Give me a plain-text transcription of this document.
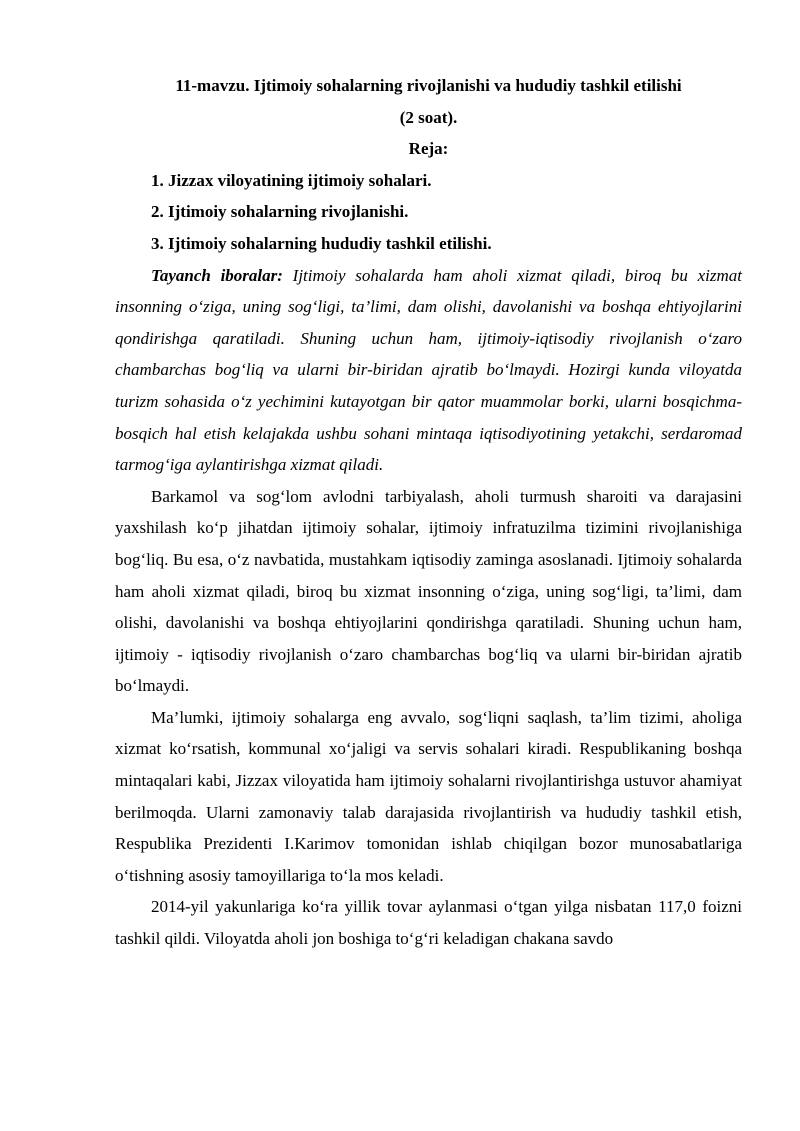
11-mavzu. Ijtimoiy sohalarning rivojlanishi va hududiy tashkil etilishi
(2 soat).
Reja:
1. Jizzax viloyatining ijtimoiy sohalari.
2. Ijtimoiy sohalarning rivojlanishi.
3. Ijtimoiy sohalarning hududiy tashkil etilishi.

Tayanch iboralar: Ijtimoiy sohalarda ham aholi xizmat qiladi, biroq bu xizmat insonning o‘ziga, uning sog‘ligi, ta’limi, dam olishi, davolanishi va boshqa ehtiyojlarini qondirishga qaratiladi. Shuning uchun ham, ijtimoiy-iqtisodiy rivojlanish o‘zaro chambarchas bog‘liq va ularni bir-biridan ajratib bo‘lmaydi. Hozirgi kunda viloyatda turizm sohasida o‘z yechimini kutayotgan bir qator muammolar borki, ularni bosqichma-bosqich hal etish kelajakda ushbu sohani mintaqa iqtisodiyotining yetakchi, serdaromad tarmog‘iga aylantirishga xizmat qiladi.

Barkamol va sog‘lom avlodni tarbiyalash, aholi turmush sharoiti va darajasini yaxshilash ko‘p jihatdan ijtimoiy sohalar, ijtimoiy infratuzilma tizimini rivojlanishiga bog‘liq. Bu esa, o‘z navbatida, mustahkam iqtisodiy zaminga asoslanadi. Ijtimoiy sohalarda ham aholi xizmat qiladi, biroq bu xizmat insonning o‘ziga, uning sog‘ligi, ta’limi, dam olishi, davolanishi va boshqa ehtiyojlarini qondirishga qaratiladi. Shuning uchun ham, ijtimoiy - iqtisodiy rivojlanish o‘zaro chambarchas bog‘liq va ularni bir-biridan ajratib bo‘lmaydi.

Ma’lumki, ijtimoiy sohalarga eng avvalo, sog‘liqni saqlash, ta’lim tizimi, aholiga xizmat ko‘rsatish, kommunal xo‘jaligi va servis sohalari kiradi. Respublikaning boshqa mintaqalari kabi, Jizzax viloyatida ham ijtimoiy sohalarni rivojlantirishga ustuvor ahamiyat berilmoqda. Ularni zamonaviy talab darajasida rivojlantirish va hududiy tashkil etish, Respublika Prezidenti I.Karimov tomonidan ishlab chiqilgan bozor munosabatlariga o‘tishning asosiy tamoyillariga to‘la mos keladi.

2014-yil yakunlariga ko‘ra yillik tovar aylanmasi o‘tgan yilga nisbatan 117,0 foizni tashkil qildi. Viloyatda aholi jon boshiga to‘g‘ri keladigan chakana savdo
